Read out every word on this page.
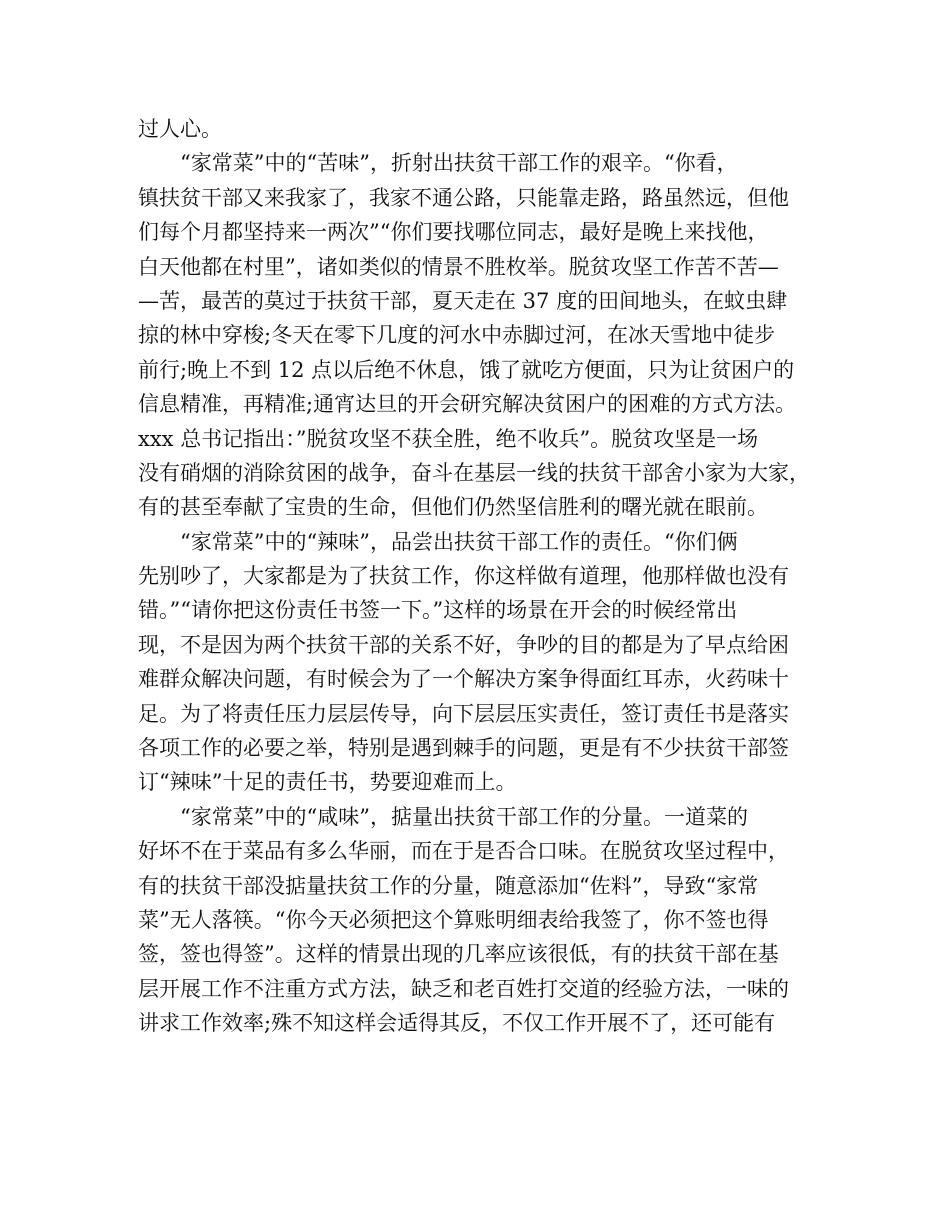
过人心。
“家常菜”中的“苦味”，折射出扶贫干部工作的艰辛。“你看，
镇扶贫干部又来我家了，我家不通公路，只能靠走路，路虽然远，但他
们每个月都坚持来一两次”“你们要找哪位同志，最好是晚上来找他，
白天他都在村里”，诸如类似的情景不胜枚举。脱贫攻坚工作苦不苦—
—苦，最苦的莫过于扶贫干部，夏天走在 37 度的田间地头，在蚊虫肆
掠的林中穿梭;冬天在零下几度的河水中赤脚过河，在冰天雪地中徒步
前行;晚上不到 12 点以后绝不休息，饿了就吃方便面，只为让贫困户的
信息精准，再精准;通宵达旦的开会研究解决贫困户的困难的方式方法。
xxx 总书记指出：”脱贫攻坚不获全胜，绝不收兵”。脱贫攻坚是一场
没有硝烟的消除贫困的战争，奋斗在基层一线的扶贫干部舍小家为大家，
有的甚至奉献了宝贵的生命，但他们仍然坚信胜利的曙光就在眼前。
“家常菜”中的“辣味”，品尝出扶贫干部工作的责任。“你们俩
先别吵了，大家都是为了扶贫工作，你这样做有道理，他那样做也没有
错。”“请你把这份责任书签一下。”这样的场景在开会的时候经常出
现，不是因为两个扶贫干部的关系不好，争吵的目的都是为了早点给困
难群众解决问题，有时候会为了一个解决方案争得面红耳赤，火药味十
足。为了将责任压力层层传导，向下层层压实责任，签订责任书是落实
各项工作的必要之举，特别是遇到棘手的问题，更是有不少扶贫干部签
订“辣味”十足的责任书，势要迎难而上。
“家常菜”中的“咸味”，掂量出扶贫干部工作的分量。一道菜的
好坏不在于菜品有多么华丽，而在于是否合口味。在脱贫攻坚过程中，
有的扶贫干部没掂量扶贫工作的分量，随意添加“佐料”，导致“家常
菜”无人落筷。“你今天必须把这个算账明细表给我签了，你不签也得
签，签也得签”。这样的情景出现的几率应该很低，有的扶贫干部在基
层开展工作不注重方式方法，缺乏和老百姓打交道的经验方法，一味的
讲求工作效率;殊不知这样会适得其反，不仅工作开展不了，还可能有
